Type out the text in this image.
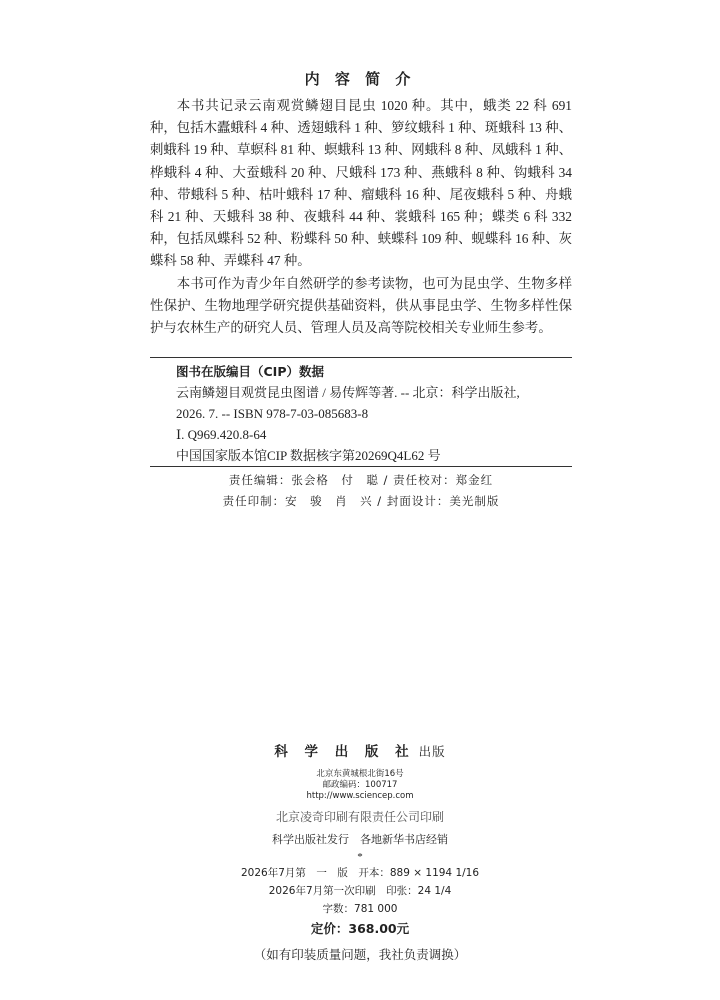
内 容 简 介

本书共记录云南观赏鳞翅目昆虫 1020 种。其中，蛾类 22 科 691 种，包括木蠹蛾科 4 种、透翅蛾科 1 种、箩纹蛾科 1 种、斑蛾科 13 种、刺蛾科 19 种、草螟科 81 种、螟蛾科 13 种、网蛾科 8 种、凤蛾科 1 种、桦蛾科 4 种、大蚕蛾科 20 种、尺蛾科 173 种、燕蛾科 8 种、钩蛾科 34 种、带蛾科 5 种、枯叶蛾科 17 种、瘤蛾科 16 种、尾夜蛾科 5 种、舟蛾科 21 种、天蛾科 38 种、夜蛾科 44 种、裳蛾科 165 种；蝶类 6 科 332 种，包括凤蝶科 52 种、粉蝶科 50 种、蛱蝶科 109 种、蚬蝶科 16 种、灰蝶科 58 种、弄蝶科 47 种。

本书可作为青少年自然研学的参考读物，也可为昆虫学、生物多样性保护、生物地理学研究提供基础资料，供从事昆虫学、生物多样性保护与农林生产的研究人员、管理人员及高等院校相关专业师生参考。

图书在版编目（CIP）数据
云南鳞翅目观赏昆虫图谱 / 易传辉等著. -- 北京：科学出版社,
2026. 7. -- ISBN 978-7-03-085683-8
Ⅰ. Q969.420.8-64
中国国家版本馆CIP 数据核字第20269Q4L62 号
责任编辑：张会格　付　聪 / 责任校对：郑金红
责任印制：安　骏　肖　兴 / 封面设计：美光制版
科 学 出 版 社 出版
北京东黄城根北街16号
邮政编码：100717
http://www.sciencep.com
北京凌奇印刷有限责任公司印刷
科学出版社发行　各地新华书店经销
*
2026年7月第　一　版　开本：889 × 1194 1/16
2026年7月第一次印刷　印张：24 1/4
字数：781 000
定价：368.00元
（如有印装质量问题，我社负责调换）
